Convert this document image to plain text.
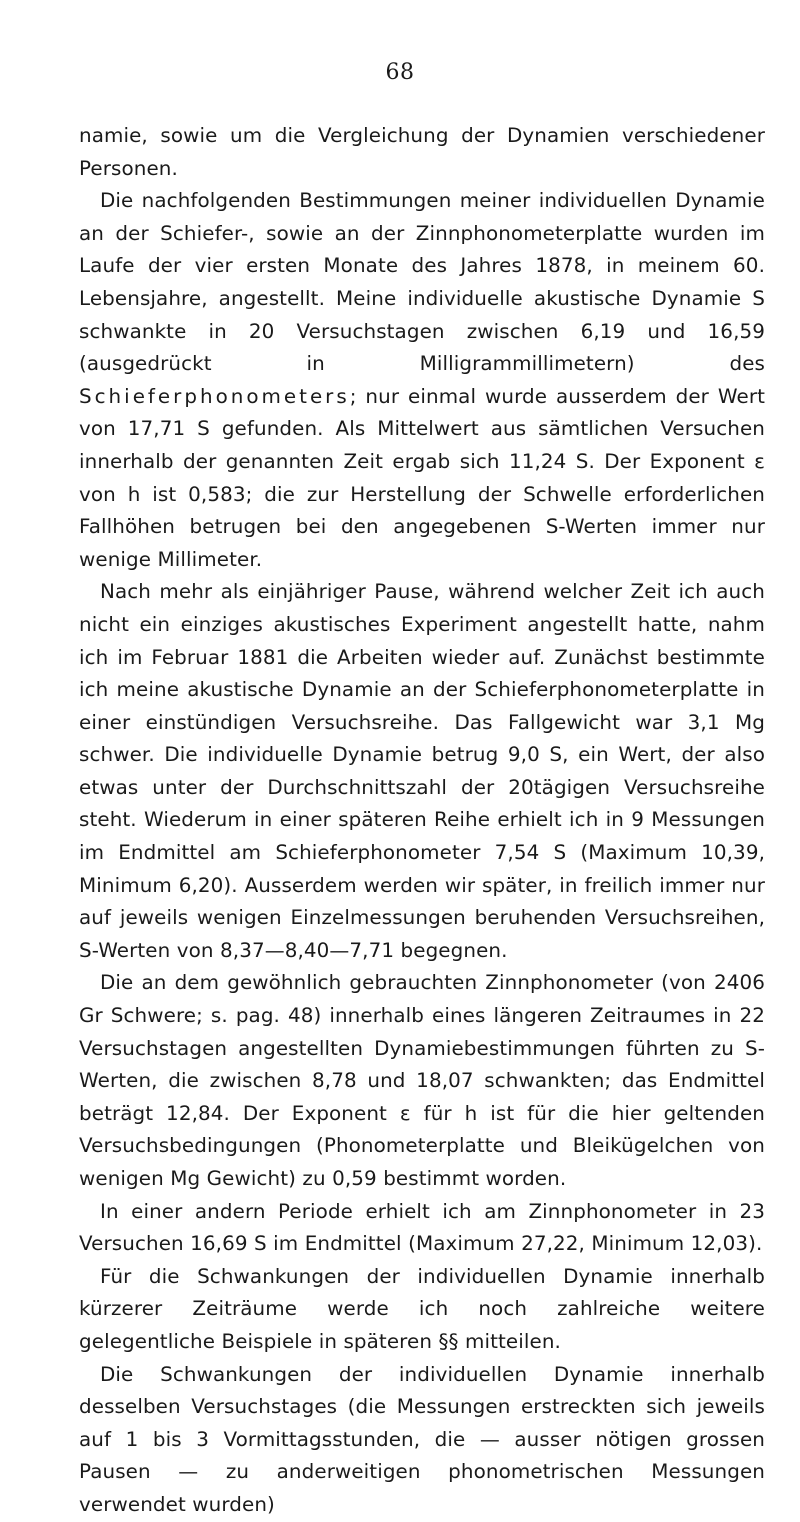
68

namie, sowie um die Vergleichung der Dynamien verschiedener Personen.

Die nachfolgenden Bestimmungen meiner individuellen Dynamie an der Schiefer-, sowie an der Zinnphonometerplatte wurden im Laufe der vier ersten Monate des Jahres 1878, in meinem 60. Lebensjahre, angestellt. Meine individuelle akustische Dynamie S schwankte in 20 Versuchstagen zwischen 6,19 und 16,59 (ausgedrückt in Milligrammillimetern) des Schieferphonometers; nur einmal wurde ausserdem der Wert von 17,71 S gefunden. Als Mittelwert aus sämtlichen Versuchen innerhalb der genannten Zeit ergab sich 11,24 S. Der Exponent ε von h ist 0,583; die zur Herstellung der Schwelle erforderlichen Fallhöhen betrugen bei den angegebenen S-Werten immer nur wenige Millimeter.

Nach mehr als einjähriger Pause, während welcher Zeit ich auch nicht ein einziges akustisches Experiment angestellt hatte, nahm ich im Februar 1881 die Arbeiten wieder auf. Zunächst bestimmte ich meine akustische Dynamie an der Schieferphonometerplatte in einer einstündigen Versuchsreihe. Das Fallgewicht war 3,1 Mg schwer. Die individuelle Dynamie betrug 9,0 S, ein Wert, der also etwas unter der Durchschnittszahl der 20tägigen Versuchsreihe steht. Wiederum in einer späteren Reihe erhielt ich in 9 Messungen im Endmittel am Schieferphonometer 7,54 S (Maximum 10,39, Minimum 6,20). Ausserdem werden wir später, in freilich immer nur auf jeweils wenigen Einzelmessungen beruhenden Versuchsreihen, S-Werten von 8,37—8,40—7,71 begegnen.

Die an dem gewöhnlich gebrauchten Zinnphonometer (von 2406 Gr Schwere; s. pag. 48) innerhalb eines längeren Zeitraumes in 22 Versuchstagen angestellten Dynamiebestimmungen führten zu S-Werten, die zwischen 8,78 und 18,07 schwankten; das Endmittel beträgt 12,84. Der Exponent ε für h ist für die hier geltenden Versuchsbedingungen (Phonometerplatte und Bleikügelchen von wenigen Mg Gewicht) zu 0,59 bestimmt worden.

In einer andern Periode erhielt ich am Zinnphonometer in 23 Versuchen 16,69 S im Endmittel (Maximum 27,22, Minimum 12,03).

Für die Schwankungen der individuellen Dynamie innerhalb kürzerer Zeiträume werde ich noch zahlreiche weitere gelegentliche Beispiele in späteren §§ mitteilen.

Die Schwankungen der individuellen Dynamie innerhalb desselben Versuchstages (die Messungen erstreckten sich jeweils auf 1 bis 3 Vormittagsstunden, die — ausser nötigen grossen Pausen — zu anderweitigen phonometrischen Messungen verwendet wurden)
